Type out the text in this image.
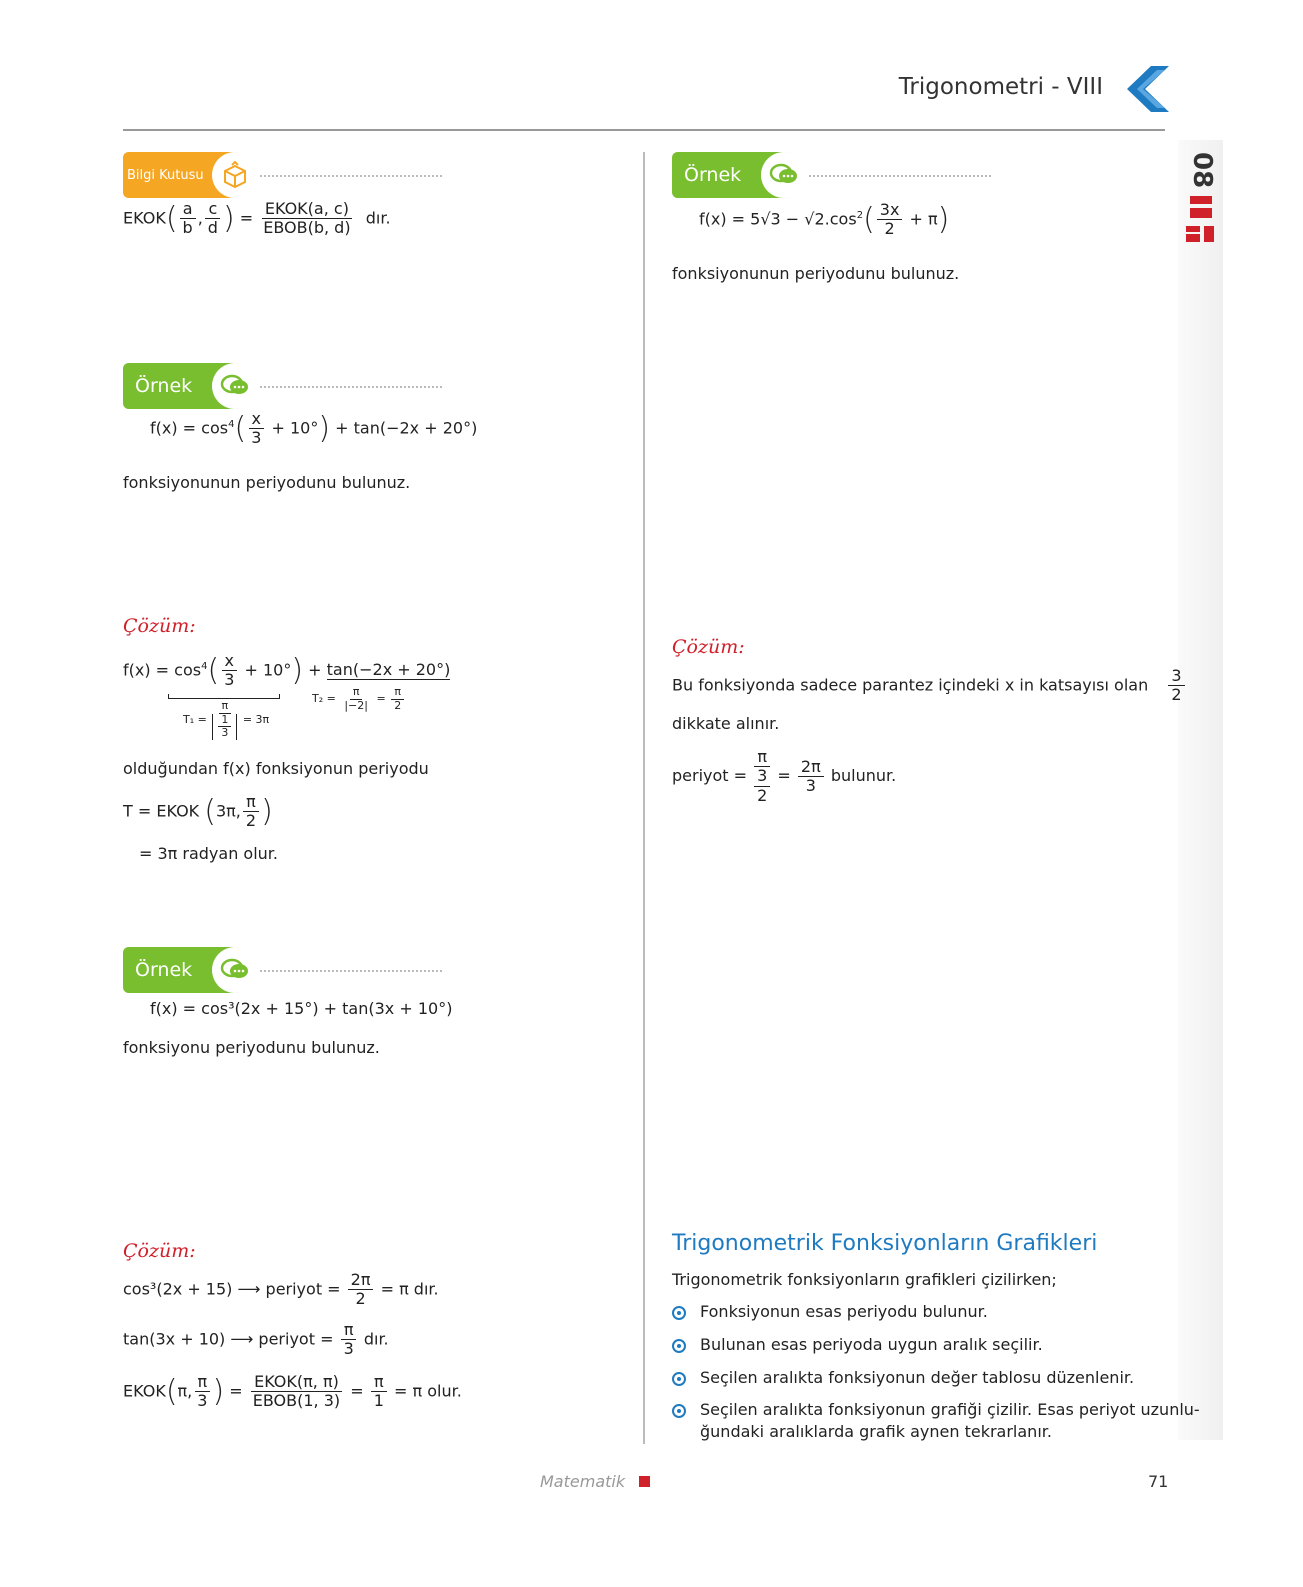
Trigonometri - VIII
08
Bilgi Kutusu
EKOK( $\frac{a}{b}$ , $\frac{c}{d}$ ) = $\frac{\text{EKOK(a, c)}}{\text{EBOB(b, d)}}$ dır.
Örnek
$f(x) = \cos^4( \frac{x}{3} + 10^\circ) + \tan(-2x + 20^\circ)$
fonksiyonunun periyodunu bulunuz.
Çözüm:
$f(x) = \cos^4( \frac{x}{3} + 10^\circ) + \tan(-2x + 20^\circ)$
$T_1 = \frac{\pi}{\frac{1}{3}} = 3\pi$
$T_2 = \frac{\pi}{|-2|} = \frac{\pi}{2}$
olduğundan f(x) fonksiyonun periyodu
T = EKOK (3π, $\frac{\pi}{2}$ )
= 3π radyan olur.
Örnek
f(x) = cos³(2x + 15°) + tan(3x + 10°)
fonksiyonu periyodunu bulunuz.
Çözüm:
cos³(2x + 15) ⟶ periyot = $\frac{2\pi}{2} = \pi$ dır.
tan(3x + 10) ⟶ periyot = $\frac{\pi}{3}$ dır.
EKOK(π, $\frac{\pi}{3}$ ) = $\frac{\text{EKOK(π, π)}}{\text{EBOB(1, 3)}} = \frac{\pi}{1} = \pi$ olur.
Örnek
$f(x) = 5√3 - √2.\cos^2( \frac{3x}{2} + \pi)$
fonksiyonunun periyodunu bulunuz.
Çözüm:
Bu fonksiyonda sadece parantez içindeki x in katsayısı olan $\frac{3}{2}$
dikkate alınır.
periyot = $\frac{\pi}{\frac{3}{2}} = \frac{2\pi}{3}$ bulunur.
Trigonometrik Fonksiyonların Grafikleri
Trigonometrik fonksiyonların grafikleri çizilirken;
Fonksiyonun esas periyodu bulunur.
Bulunan esas periyoda uygun aralık seçilir.
Seçilen aralıkta fonksiyonun değer tablosu düzenlenir.
Seçilen aralıkta fonksiyonun grafiği çizilir. Esas periyot uzunlu-
ğundaki aralıklarda grafik aynen tekrarlanır.
Matematik	71
